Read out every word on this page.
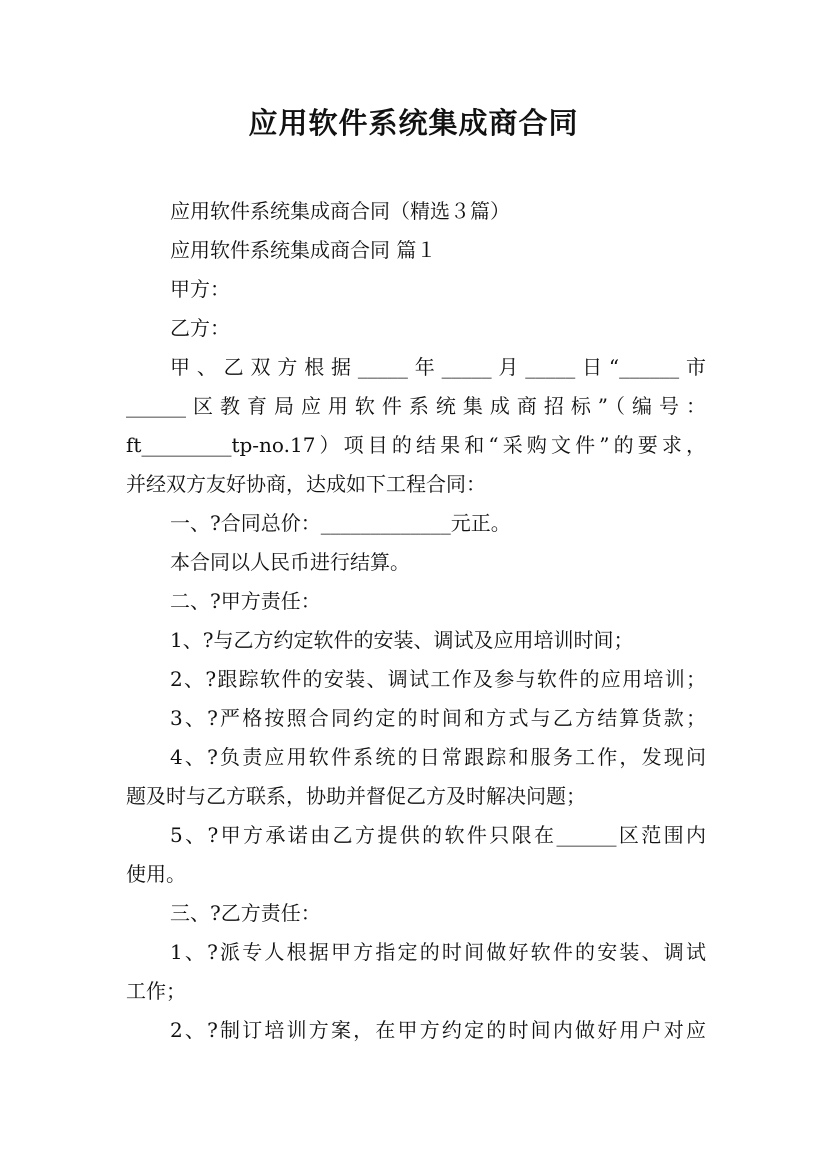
应用软件系统集成商合同
应用软件系统集成商合同（精选３篇）
应用软件系统集成商合同 篇１
甲方：
乙方：
甲、乙双方根据_____年_____月_____日“______市
______区教育局应用软件系统集成商招标”（编号：
ft_________tp-no.17）项目的结果和“采购文件”的要求，
并经双方友好协商，达成如下工程合同：
一、?合同总价：_____________元正。
本合同以人民币进行结算。
二、?甲方责任：
1、?与乙方约定软件的安装、调试及应用培训时间；
2、?跟踪软件的安装、调试工作及参与软件的应用培训；
3、?严格按照合同约定的时间和方式与乙方结算货款；
4、?负责应用软件系统的日常跟踪和服务工作，发现问
题及时与乙方联系，协助并督促乙方及时解决问题；
5、?甲方承诺由乙方提供的软件只限在______区范围内
使用。
三、?乙方责任：
1、?派专人根据甲方指定的时间做好软件的安装、调试
工作；
2、?制订培训方案，在甲方约定的时间内做好用户对应
